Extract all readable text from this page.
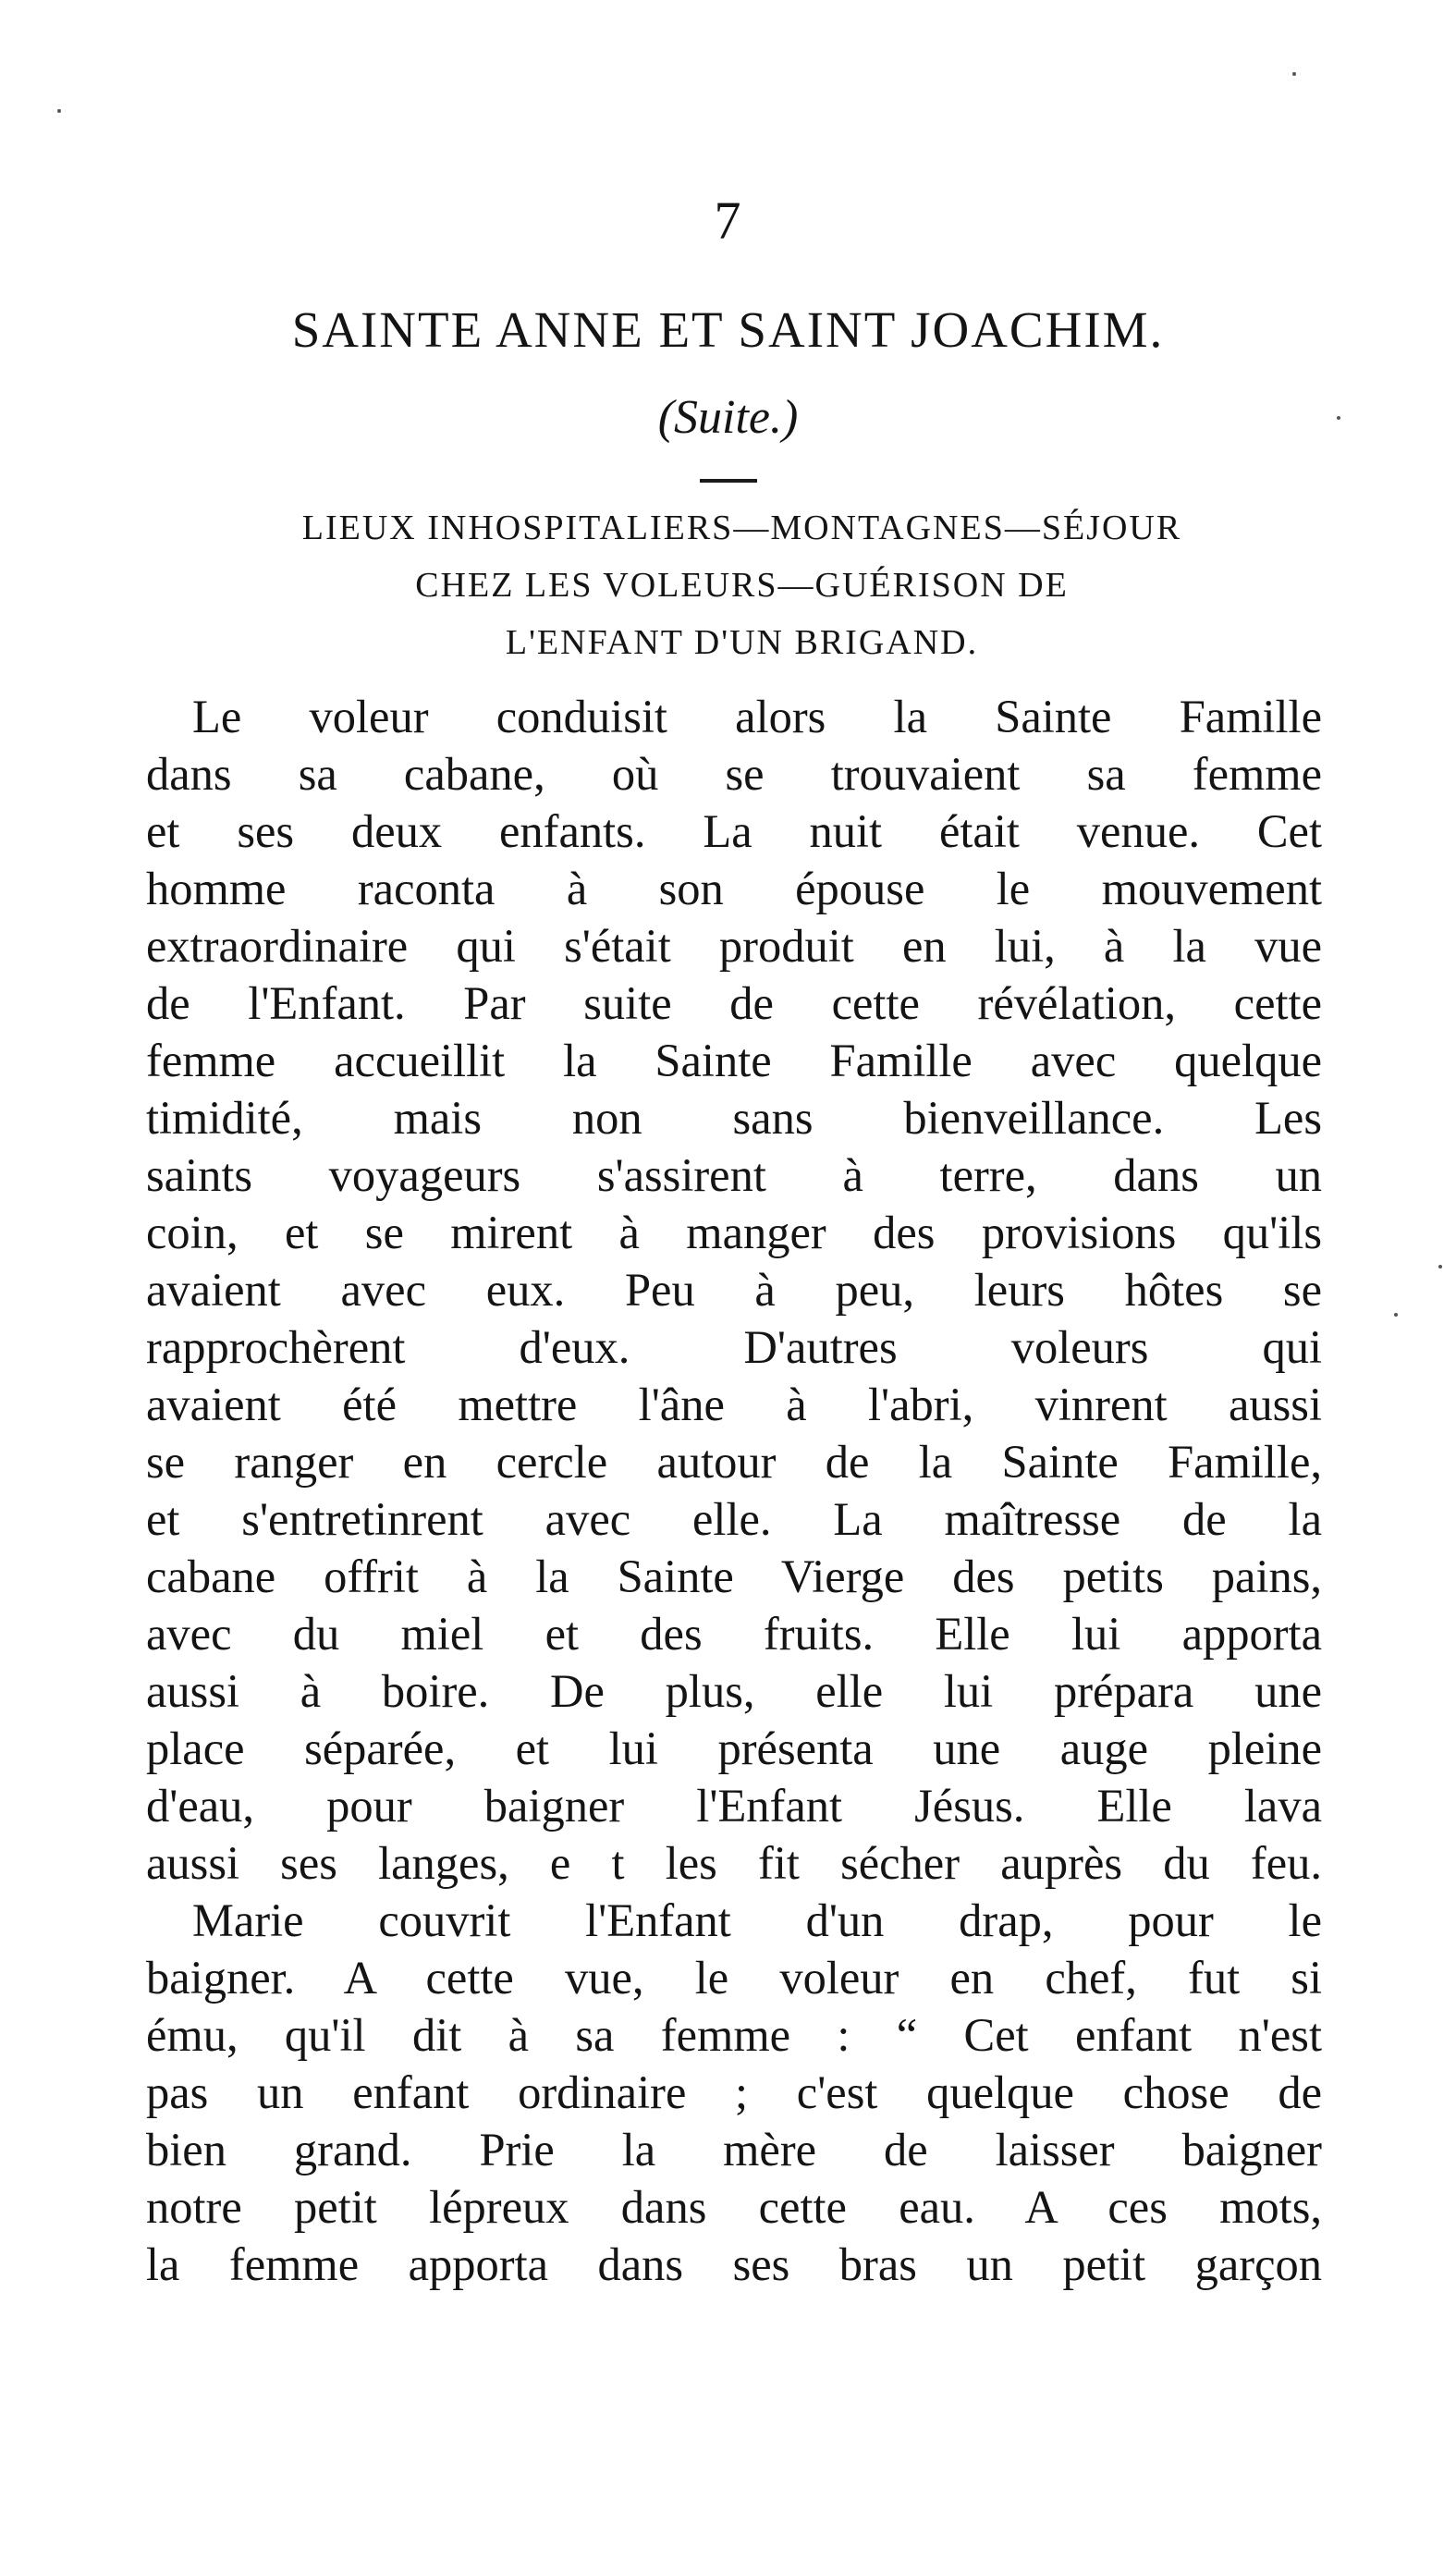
7
SAINTE ANNE ET SAINT JOACHIM.
(Suite.)
LIEUX INHOSPITALIERS—MONTAGNES—SÉJOUR
CHEZ LES VOLEURS—GUÉRISON DE
L'ENFANT D'UN BRIGAND.
Le voleur conduisit alors la Sainte Famille
dans sa cabane, où se trouvaient sa femme
et ses deux enfants. La nuit était venue. Cet
homme raconta à son épouse le mouvement
extraordinaire qui s'était produit en lui, à la vue
de l'Enfant. Par suite de cette révélation, cette
femme accueillit la Sainte Famille avec quelque
timidité, mais non sans bienveillance. Les
saints voyageurs s'assirent à terre, dans un
coin, et se mirent à manger des provisions qu'ils
avaient avec eux. Peu à peu, leurs hôtes se
rapprochèrent d'eux. D'autres voleurs qui
avaient été mettre l'âne à l'abri, vinrent aussi
se ranger en cercle autour de la Sainte Famille,
et s'entretinrent avec elle. La maîtresse de la
cabane offrit à la Sainte Vierge des petits pains,
avec du miel et des fruits. Elle lui apporta
aussi à boire. De plus, elle lui prépara une
place séparée, et lui présenta une auge pleine
d'eau, pour baigner l'Enfant Jésus. Elle lava
aussi ses langes, e t les fit sécher auprès du feu.
Marie couvrit l'Enfant d'un drap, pour le
baigner. A cette vue, le voleur en chef, fut si
ému, qu'il dit à sa femme : “ Cet enfant n'est
pas un enfant ordinaire ; c'est quelque chose de
bien grand. Prie la mère de laisser baigner
notre petit lépreux dans cette eau. A ces mots,
la femme apporta dans ses bras un petit garçon
